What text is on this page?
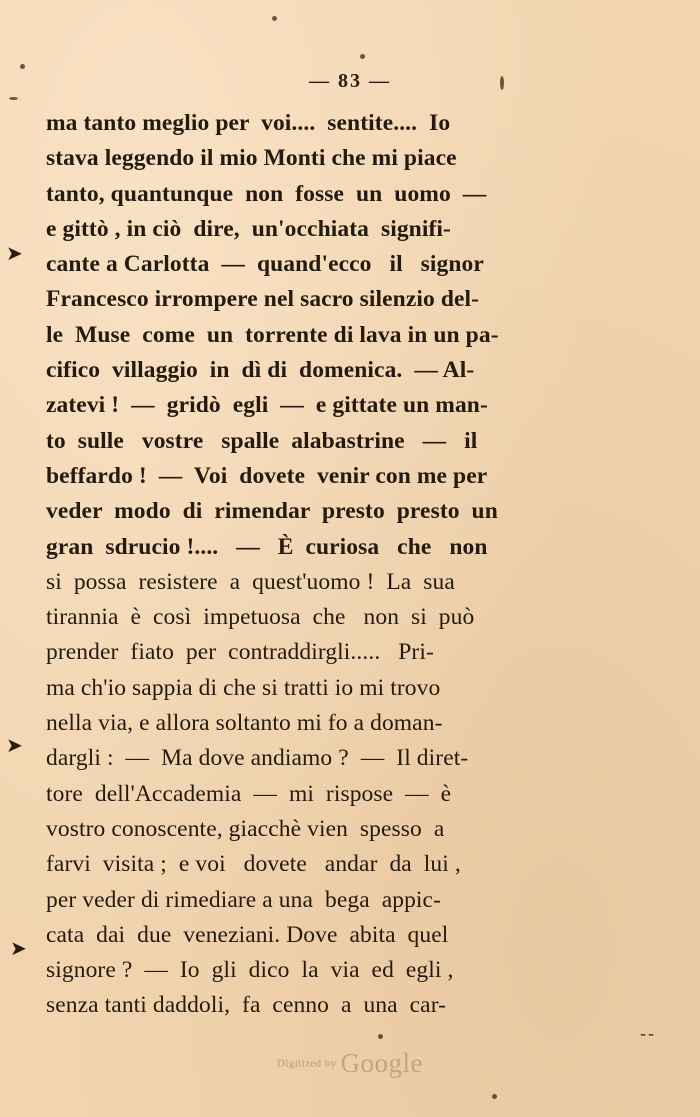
➤
➤
➤
--
— 83 —
ma tanto meglio per  voi....  sentite....  Io
stava leggendo il mio Monti che mi piace
tanto, quantunque  non  fosse  un  uomo  —
e gittò , in ciò  dire,  un'occhiata  signifi-
cante a Carlotta  —  quand'ecco   il   signor
Francesco irrompere nel sacro silenzio del-
le  Muse  come  un  torrente di lava in un pa-
cifico  villaggio  in  dì di  domenica.  — Al-
zatevi !  —  gridò  egli  —  e gittate un man-
to  sulle   vostre   spalle  alabastrine   —   il
beffardo !  —  Voi  dovete  venir con me per
veder  modo  di  rimendar  presto  presto  un
gran  sdrucio !....   —   È  curiosa   che   non
si  possa  resistere  a  quest'uomo !  La  sua
tirannia  è  così  impetuosa  che   non  si  può
prender  fiato  per  contraddirgli.....   Pri-
ma ch'io sappia di che si tratti io mi trovo
nella via, e allora soltanto mi fo a doman-
dargli :  —  Ma dove andiamo ?  —  Il diret-
tore  dell'Accademia  —  mi  risposе  —  è
vostro conoscente, giacchè vien  spesso  a
farvi  visita ;  e voi   dovete   andar  da  lui ,
per veder di rimediare a una  bega  appic-
cata  dai  due  veneziani. Dove  abita  quel
signore ?  —  Io  gli  dico  la  via  ed  egli ,
senza tanti daddoli,  fa  cenno  a  una  car-
Digitized by Google
